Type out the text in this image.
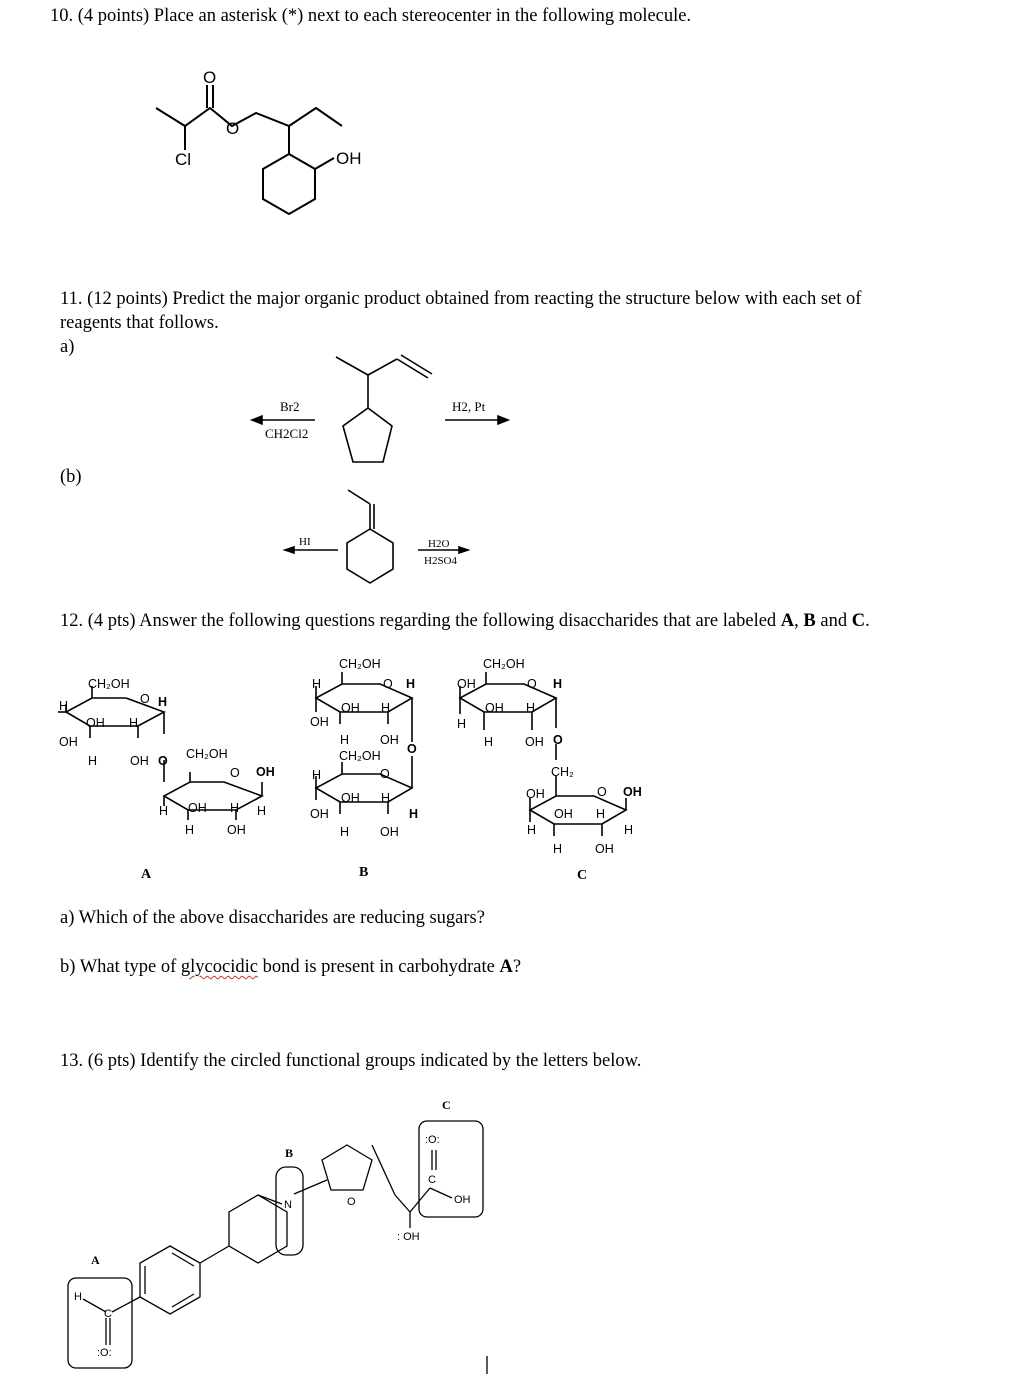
10. (4 points) Place an asterisk (*) next to each stereocenter in the following molecule.
11. (12 points) Predict the major organic product obtained from reacting the structure below with each set of
reagents that follows.
a)
(b)
12. (4 pts) Answer the following questions regarding the following disaccharides that are labeled A, B and C.
a) Which of the above disaccharides are reducing sugars?
b) What type of glycocidic bond is present in carbohydrate A?
13. (6 pts) Identify the circled functional groups indicated by the letters below.
O
O
Cl	OH
Br2
CH2Cl2
H2, Pt
HI	H2O
H2SO4
CH₂OH
O H
H
OH H
OH
H	OH O CH₂OH
O OH
OH H
H	H
H	OH
A
CH₂OH
H	O H
OH H
OH
H OH
O
CH₂OH
H	O
OH H
OH	H
H OH
B
CH₂OH
OH	O H
OH H
H
H	OH O
CH₂
OH	O OH
OH H
H	H
H	OH
C
H
C
:O:
N	O
:O:
C
OH
: OH
A
B
C
